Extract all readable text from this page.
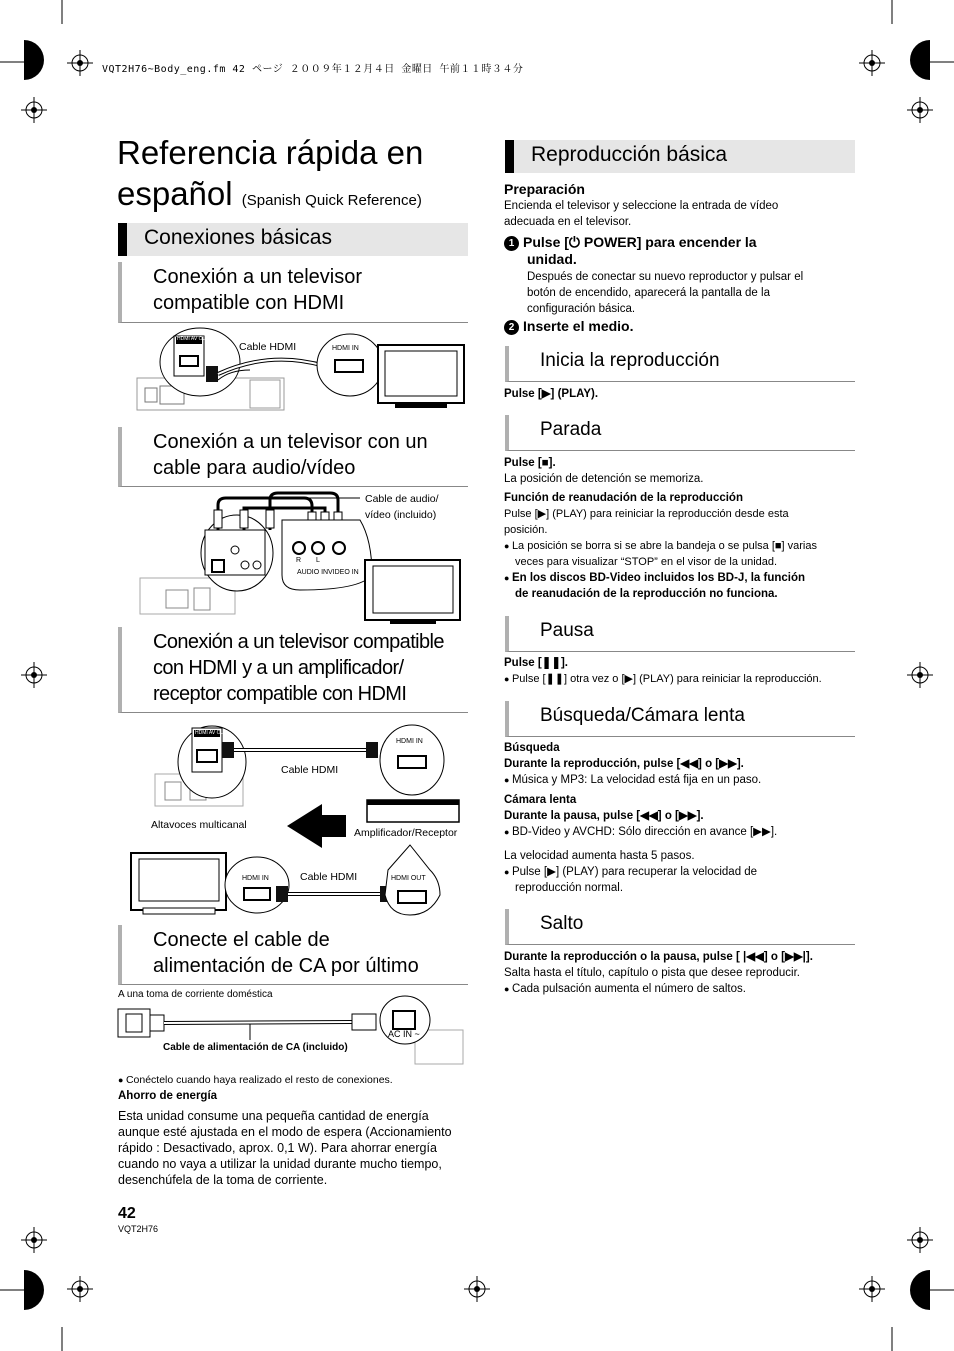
VQT2H76~Body_eng.fm 42 ページ ２００９年１２月４日 金曜日 午前１１時３４分
Referencia rápida en
español (Spanish Quick Reference)
Conexiones básicas
Conexión a un televisor
compatible con HDMI
Cable HDMI
HDMI AV OUT
HDMI IN
Conexión a un televisor con un
cable para audio/vídeo
Cable de audio/
vídeo (incluido)
R L
AUDIO IN VIDEO IN
Conexión a un televisor compatible
con HDMI y a un amplificador/
receptor compatible con HDMI
HDMI AV OUT
HDMI IN
Cable HDMI
Altavoces multicanal
Amplificador/Receptor
HDMI IN	Cable HDMI	HDMI OUT
Conecte el cable de
alimentación de CA por último
A una toma de corriente doméstica
AC IN ~
Cable de alimentación de CA (incluido)
● Conéctelo cuando haya realizado el resto de conexiones.
Ahorro de energía
Esta unidad consume una pequeña cantidad de energía
aunque esté ajustada en el modo de espera (Accionamiento
rápido : Desactivado, aprox. 0,1 W). Para ahorrar energía
cuando no vaya a utilizar la unidad durante mucho tiempo,
desenchúfela de la toma de corriente.
42
VQT2H76
Reproducción básica
Preparación
Encienda el televisor y seleccione la entrada de vídeo
adecuada en el televisor.
1 Pulse [⏻ POWER] para encender la
unidad.
Después de conectar su nuevo reproductor y pulsar el
botón de encendido, aparecerá la pantalla de la
configuración básica.
2 Inserte el medio.
Inicia la reproducción
Pulse [▶] (PLAY).
Parada
Pulse [■].
La posición de detención se memoriza.
Función de reanudación de la reproducción
Pulse [▶] (PLAY) para reiniciar la reproducción desde esta
posición.
● La posición se borra si se abre la bandeja o se pulsa [■] varias
veces para visualizar “STOP” en el visor de la unidad.
● En los discos BD-Video incluidos los BD-J, la función
de reanudación de la reproducción no funciona.
Pausa
Pulse [❚❚].
● Pulse [❚❚] otra vez o [▶] (PLAY) para reiniciar la reproducción.
Búsqueda/Cámara lenta
Búsqueda
Durante la reproducción, pulse [◀◀] o [▶▶].
● Música y MP3: La velocidad está fija en un paso.
Cámara lenta
Durante la pausa, pulse [◀◀] o [▶▶].
● BD-Video y AVCHD: Sólo dirección en avance [▶▶].
La velocidad aumenta hasta 5 pasos.
● Pulse [▶] (PLAY) para recuperar la velocidad de
reproducción normal.
Salto
Durante la reproducción o la pausa, pulse [ |◀◀] o [▶▶|].
Salta hasta el título, capítulo o pista que desee reproducir.
● Cada pulsación aumenta el número de saltos.
